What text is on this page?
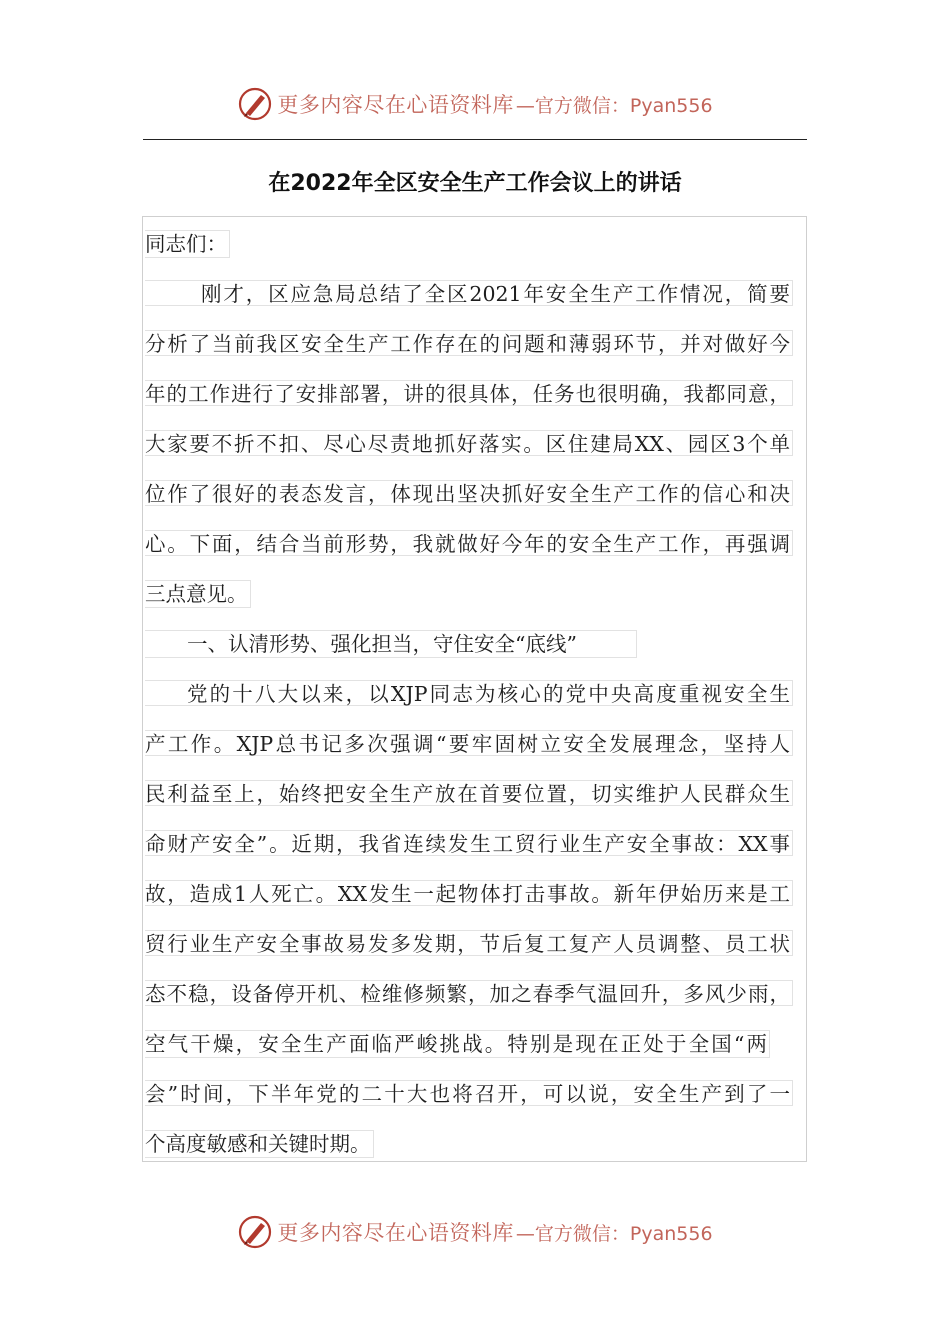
更多内容尽在心语资料库 —官方微信：Pyan556
在2022年全区安全生产工作会议上的讲话
同志们：
刚才，区应急局总结了全区2021年安全生产工作情况，简要
分析了当前我区安全生产工作存在的问题和薄弱环节，并对做好今
年的工作进行了安排部署，讲的很具体，任务也很明确，我都同意，
大家要不折不扣、尽心尽责地抓好落实。区住建局XX、园区3个单
位作了很好的表态发言，体现出坚决抓好安全生产工作的信心和决
心。下面，结合当前形势，我就做好今年的安全生产工作，再强调
三点意见。
一、认清形势、强化担当，守住安全“底线”
党的十八大以来，以XJP同志为核心的党中央高度重视安全生
产工作。XJP总书记多次强调“要牢固树立安全发展理念，坚持人
民利益至上，始终把安全生产放在首要位置，切实维护人民群众生
命财产安全”。近期，我省连续发生工贸行业生产安全事故：XX事
故，造成1人死亡。XX发生一起物体打击事故。新年伊始历来是工
贸行业生产安全事故易发多发期，节后复工复产人员调整、员工状
态不稳，设备停开机、检维修频繁，加之春季气温回升，多风少雨，
空气干燥，安全生产面临严峻挑战。特别是现在正处于全国“两
会”时间，下半年党的二十大也将召开，可以说，安全生产到了一
个高度敏感和关键时期。
更多内容尽在心语资料库 —官方微信：Pyan556
